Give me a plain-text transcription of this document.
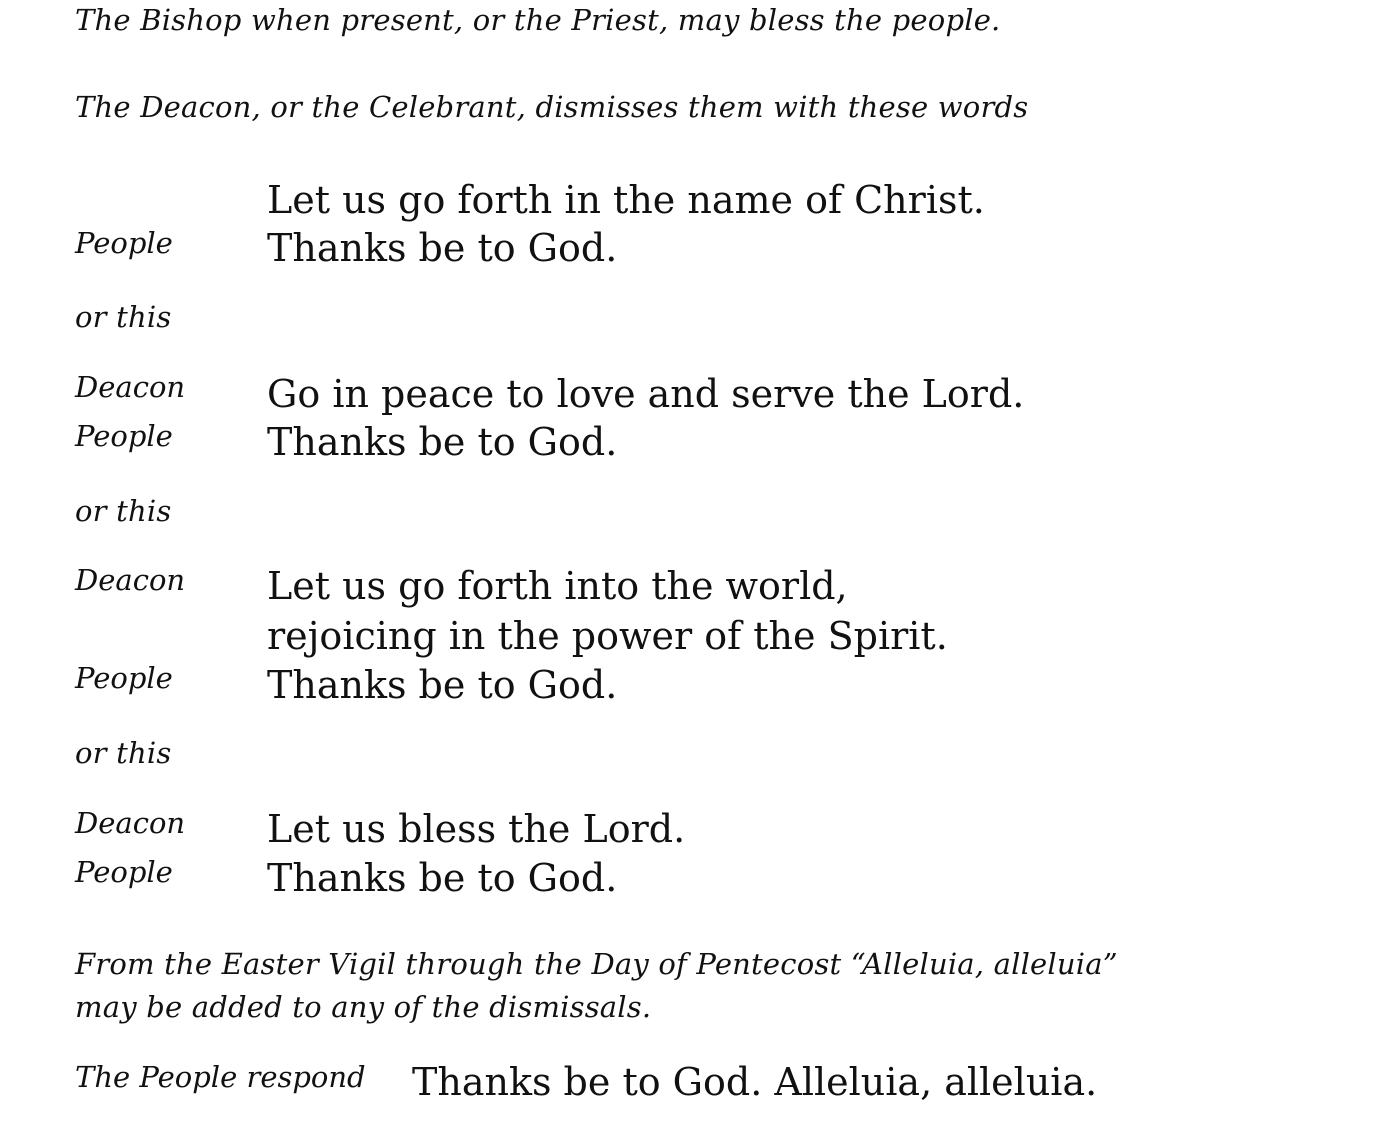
The Bishop when present, or the Priest, may bless the people.
The Deacon, or the Celebrant, dismisses them with these words
Let us go forth in the name of Christ.
People Thanks be to God.
or this
Deacon Go in peace to love and serve the Lord.
People Thanks be to God.
or this
Deacon Let us go forth into the world,
rejoicing in the power of the Spirit.
People Thanks be to God.
or this
Deacon Let us bless the Lord.
People Thanks be to God.
From the Easter Vigil through the Day of Pentecost “Alleluia, alleluia”
may be added to any of the dismissals.
The People respond Thanks be to God. Alleluia, alleluia.
